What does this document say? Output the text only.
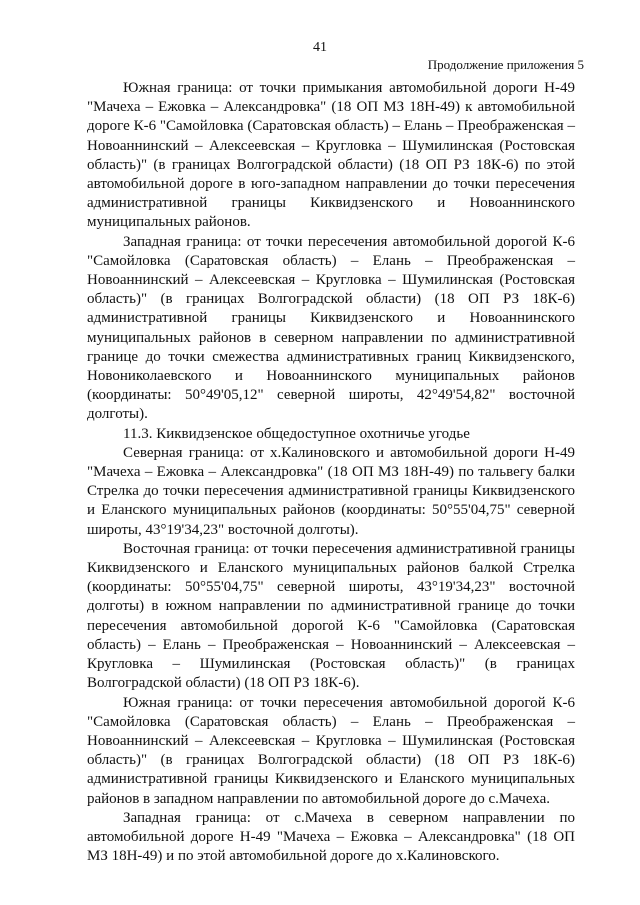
41
Продолжение приложения 5

Южная граница: от точки примыкания автомобильной дороги Н-49 "Мачеха – Ежовка – Александровка" (18 ОП МЗ 18Н-49) к автомобильной дороге К-6 "Самойловка (Саратовская область) – Елань – Преображенская – Новоаннинский – Алексеевская – Кругловка – Шумилинская (Ростовская область)" (в границах Волгоградской области) (18 ОП РЗ 18К-6) по этой автомобильной дороге в юго-западном направлении до точки пересечения административной границы Киквидзенского и Новоаннинского муниципальных районов.

Западная граница: от точки пересечения автомобильной дорогой К-6 "Самойловка (Саратовская область) – Елань – Преображенская – Новоаннинский – Алексеевская – Кругловка – Шумилинская (Ростовская область)" (в границах Волгоградской области) (18 ОП РЗ 18К-6) административной границы Киквидзенского и Новоаннинского муниципальных районов в северном направлении по административной границе до точки смежества административных границ Киквидзенского, Новониколаевского и Новоаннинского муниципальных районов (координаты: 50°49'05,12" северной широты, 42°49'54,82" восточной долготы).

11.3. Киквидзенское общедоступное охотничье угодье

Северная граница: от х.Калиновского и автомобильной дороги Н-49 "Мачеха – Ежовка – Александровка" (18 ОП МЗ 18Н-49) по тальвегу балки Стрелка до точки пересечения административной границы Киквидзенского и Еланского муниципальных районов (координаты: 50°55'04,75" северной широты, 43°19'34,23" восточной долготы).

Восточная граница: от точки пересечения административной границы Киквидзенского и Еланского муниципальных районов балкой Стрелка (координаты: 50°55'04,75" северной широты, 43°19'34,23" восточной долготы) в южном направлении по административной границе до точки пересечения автомобильной дорогой К-6 "Самойловка (Саратовская область) – Елань – Преображенская – Новоаннинский – Алексеевская – Кругловка – Шумилинская (Ростовская область)" (в границах Волгоградской области) (18 ОП РЗ 18К-6).

Южная граница: от точки пересечения автомобильной дорогой К-6 "Самойловка (Саратовская область) – Елань – Преображенская – Новоаннинский – Алексеевская – Кругловка – Шумилинская (Ростовская область)" (в границах Волгоградской области) (18 ОП РЗ 18К-6) административной границы Киквидзенского и Еланского муниципальных районов в западном направлении по автомобильной дороге до с.Мачеха.

Западная граница: от с.Мачеха в северном направлении по автомобильной дороге Н-49 "Мачеха – Ежовка – Александровка" (18 ОП МЗ 18Н-49) и по этой автомобильной дороге до х.Калиновского.
